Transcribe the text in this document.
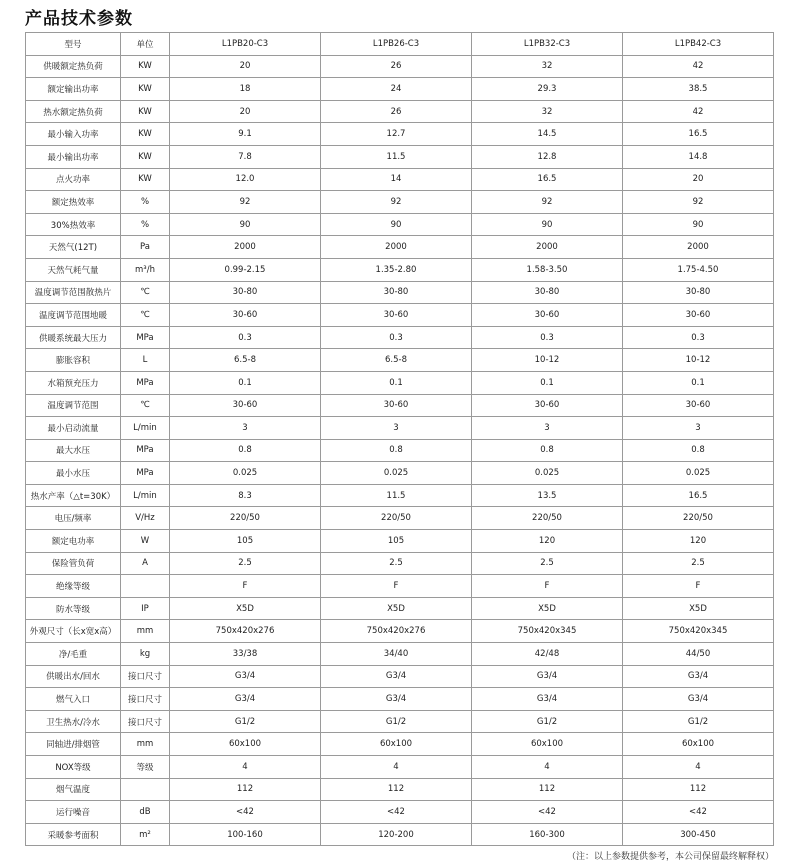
产品技术参数
型号	单位	L1PB20-C3	L1PB26-C3	L1PB32-C3	L1PB42-C3
供暖额定热负荷	KW	20	26	32	42
额定输出功率	KW	18	24	29.3	38.5
热水额定热负荷	KW	20	26	32	42
最小输入功率	KW	9.1	12.7	14.5	16.5
最小输出功率	KW	7.8	11.5	12.8	14.8
点火功率	KW	12.0	14	16.5	20
额定热效率	%	92	92	92	92
30%热效率	%	90	90	90	90
天然气(12T)	Pa	2000	2000	2000	2000
天然气耗气量	m³/h	0.99-2.15	1.35-2.80	1.58-3.50	1.75-4.50
温度调节范围散热片	℃	30-80	30-80	30-80	30-80
温度调节范围地暖	℃	30-60	30-60	30-60	30-60
供暖系统最大压力	MPa	0.3	0.3	0.3	0.3
膨胀容积	L	6.5-8	6.5-8	10-12	10-12
水箱预充压力	MPa	0.1	0.1	0.1	0.1
温度调节范围	℃	30-60	30-60	30-60	30-60
最小启动流量	L/min	3	3	3	3
最大水压	MPa	0.8	0.8	0.8	0.8
最小水压	MPa	0.025	0.025	0.025	0.025
热水产率（△t=30K）	L/min	8.3	11.5	13.5	16.5
电压/频率	V/Hz	220/50	220/50	220/50	220/50
额定电功率	W	105	105	120	120
保险管负荷	A	2.5	2.5	2.5	2.5
绝缘等级		F	F	F	F
防水等级	IP	X5D	X5D	X5D	X5D
外观尺寸（长x宽x高）	mm	750x420x276	750x420x276	750x420x345	750x420x345
净/毛重	kg	33/38	34/40	42/48	44/50
供暖出水/回水	接口尺寸	G3/4	G3/4	G3/4	G3/4
燃气入口	接口尺寸	G3/4	G3/4	G3/4	G3/4
卫生热水/冷水	接口尺寸	G1/2	G1/2	G1/2	G1/2
同轴进/排烟管	mm	60x100	60x100	60x100	60x100
NOX等级	等级	4	4	4	4
烟气温度		112	112	112	112
运行噪音	dB	<42	<42	<42	<42
采暖参考面积	m²	100-160	120-200	160-300	300-450
（注：以上参数提供参考，本公司保留最终解释权）
